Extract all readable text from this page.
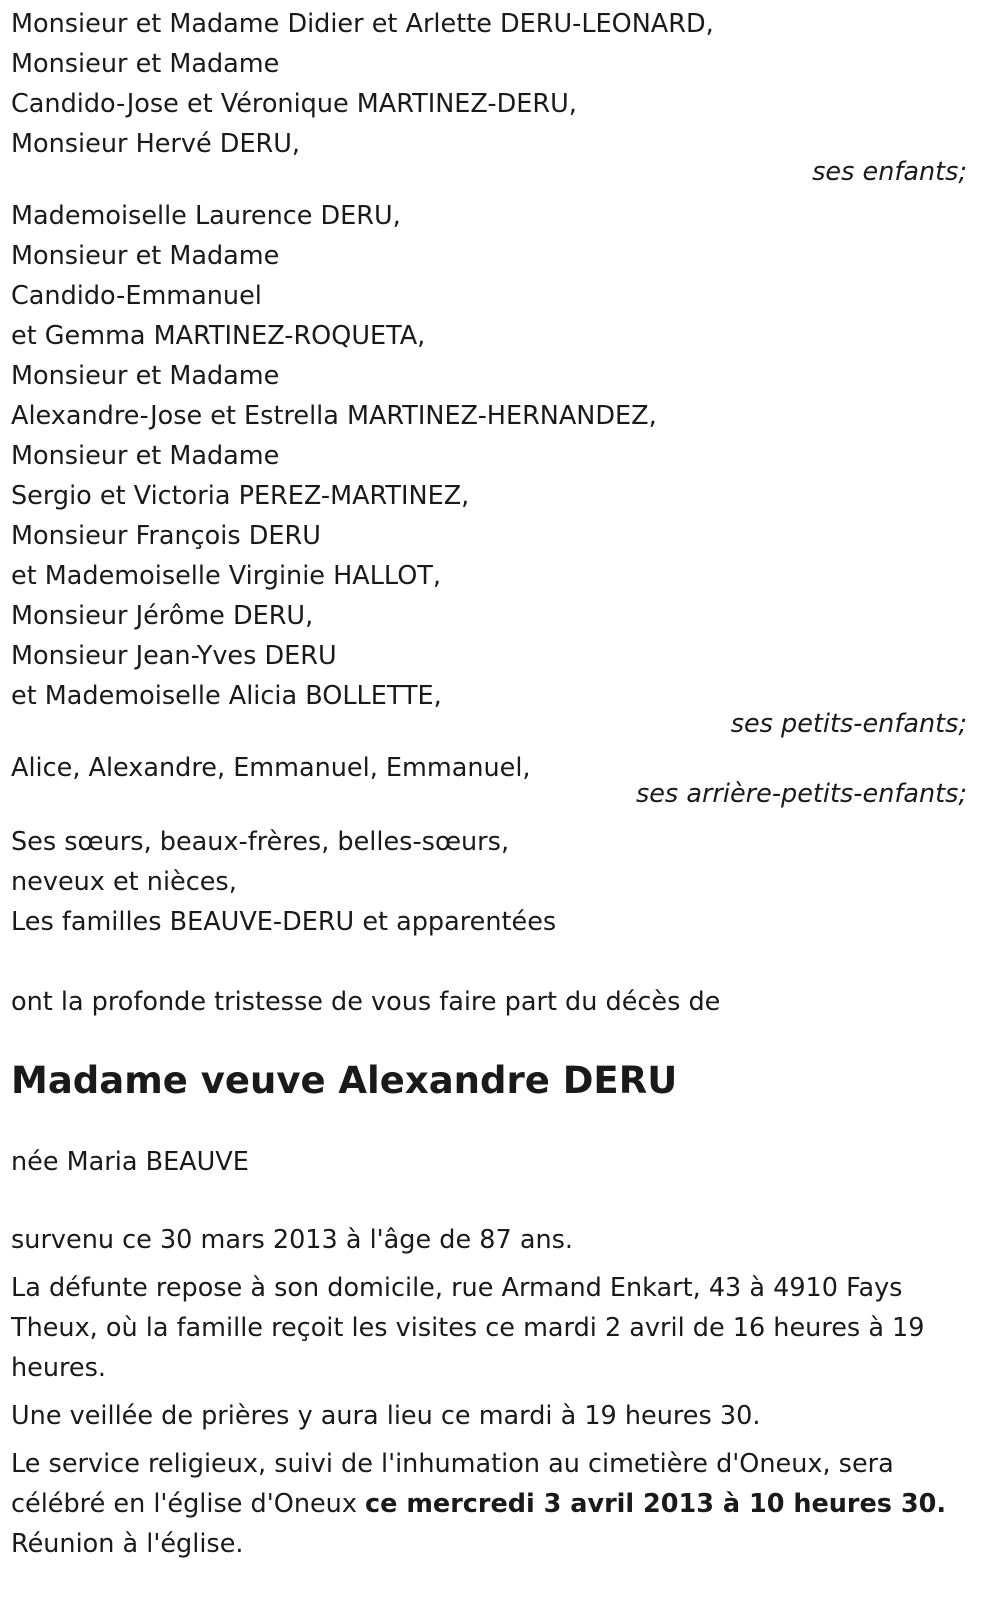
Monsieur et Madame Didier et Arlette DERU-LEONARD,
Monsieur et Madame
Candido-Jose et Véronique MARTINEZ-DERU,
Monsieur Hervé DERU,
ses enfants;
Mademoiselle Laurence DERU,
Monsieur et Madame
Candido-Emmanuel
et Gemma MARTINEZ-ROQUETA,
Monsieur et Madame
Alexandre-Jose et Estrella MARTINEZ-HERNANDEZ,
Monsieur et Madame
Sergio et Victoria PEREZ-MARTINEZ,
Monsieur François DERU
et Mademoiselle Virginie HALLOT,
Monsieur Jérôme DERU,
Monsieur Jean-Yves DERU
et Mademoiselle Alicia BOLLETTE,
ses petits-enfants;
Alice, Alexandre, Emmanuel, Emmanuel,
ses arrière-petits-enfants;
Ses sœurs, beaux-frères, belles-sœurs,
neveux et nièces,
Les familles BEAUVE-DERU et apparentées
ont la profonde tristesse de vous faire part du décès de
Madame veuve Alexandre DERU
née Maria BEAUVE
survenu ce 30 mars 2013 à l'âge de 87 ans.
La défunte repose à son domicile, rue Armand Enkart, 43 à 4910 Fays Theux, où la famille reçoit les visites ce mardi 2 avril de 16 heures à 19 heures.
Une veillée de prières y aura lieu ce mardi à 19 heures 30.
Le service religieux, suivi de l'inhumation au cimetière d'Oneux, sera célébré en l'église d'Oneux ce mercredi 3 avril 2013 à 10 heures 30.
Réunion à l'église.
